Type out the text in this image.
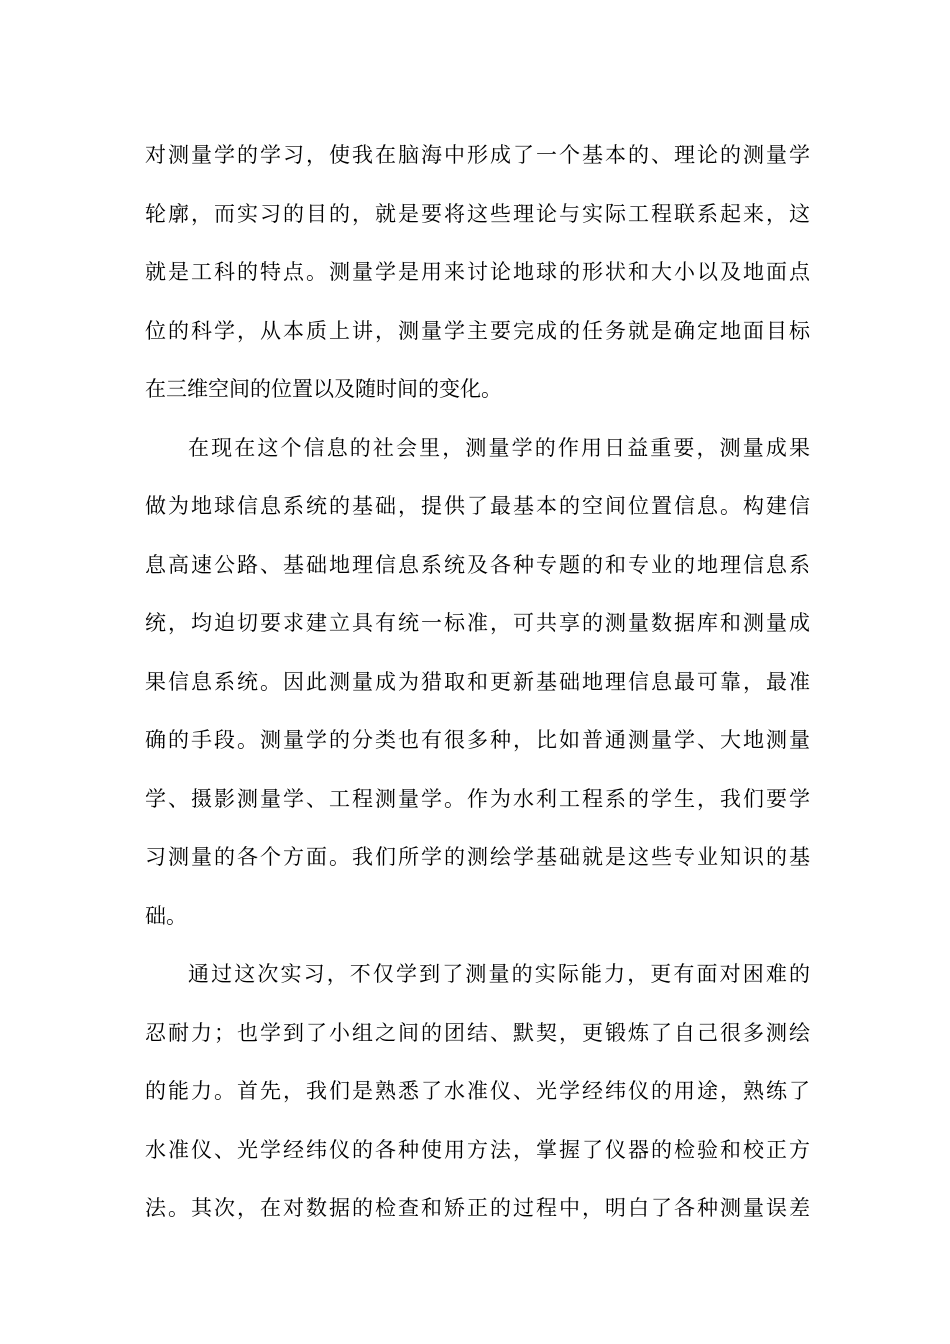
对测量学的学习，使我在脑海中形成了一个基本的、理论的测量学
轮廓，而实习的目的，就是要将这些理论与实际工程联系起来，这
就是工科的特点。测量学是用来讨论地球的形状和大小以及地面点
位的科学，从本质上讲，测量学主要完成的任务就是确定地面目标
在三维空间的位置以及随时间的变化。
在现在这个信息的社会里，测量学的作用日益重要，测量成果
做为地球信息系统的基础，提供了最基本的空间位置信息。构建信
息高速公路、基础地理信息系统及各种专题的和专业的地理信息系
统，均迫切要求建立具有统一标准，可共享的测量数据库和测量成
果信息系统。因此测量成为猎取和更新基础地理信息最可靠，最准
确的手段。测量学的分类也有很多种，比如普通测量学、大地测量
学、摄影测量学、工程测量学。作为水利工程系的学生，我们要学
习测量的各个方面。我们所学的测绘学基础就是这些专业知识的基
础。
通过这次实习，不仅学到了测量的实际能力，更有面对困难的
忍耐力；也学到了小组之间的团结、默契，更锻炼了自己很多测绘
的能力。首先，我们是熟悉了水准仪、光学经纬仪的用途，熟练了
水准仪、光学经纬仪的各种使用方法，掌握了仪器的检验和校正方
法。其次，在对数据的检查和矫正的过程中，明白了各种测量误差
